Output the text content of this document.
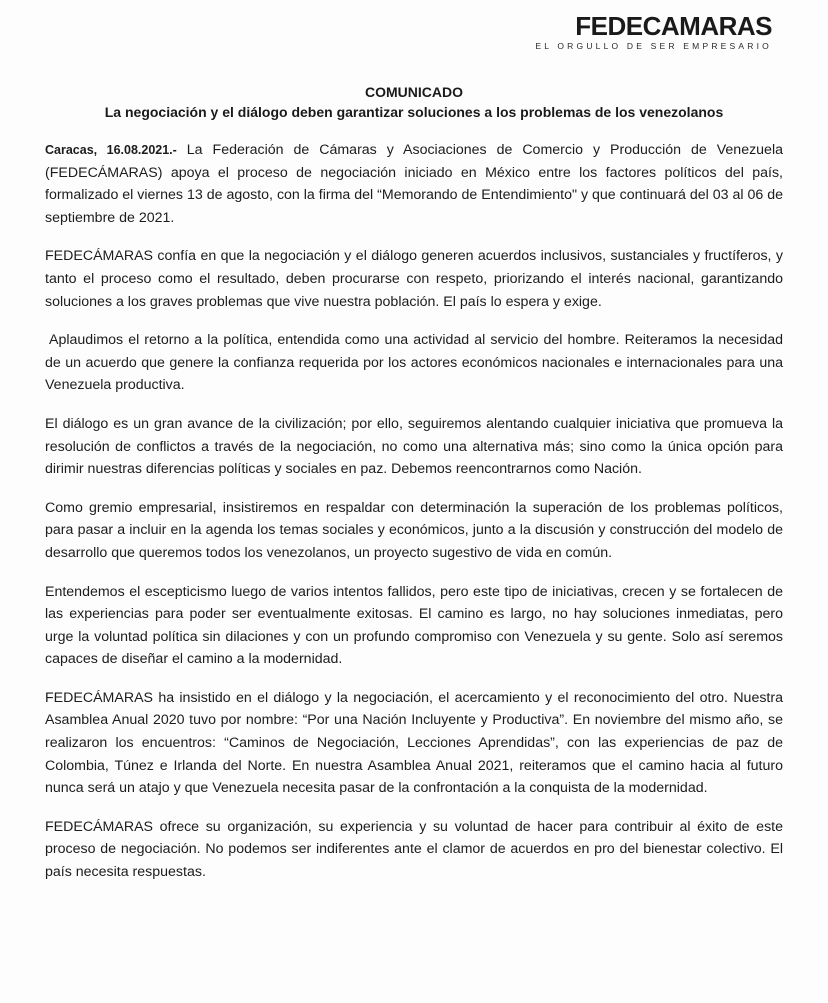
FEDECAMARAS
EL ORGULLO DE SER EMPRESARIO
COMUNICADO
La negociación y el diálogo deben garantizar soluciones a los problemas de los venezolanos

Caracas, 16.08.2021.- La Federación de Cámaras y Asociaciones de Comercio y Producción de Venezuela (FEDECÁMARAS) apoya el proceso de negociación iniciado en México entre los factores políticos del país, formalizado el viernes 13 de agosto, con la firma del “Memorando de Entendimiento" y que continuará del 03 al 06 de septiembre de 2021.

FEDECÁMARAS confía en que la negociación y el diálogo generen acuerdos inclusivos, sustanciales y fructíferos, y tanto el proceso como el resultado, deben procurarse con respeto, priorizando el interés nacional, garantizando soluciones a los graves problemas que vive nuestra población. El país lo espera y exige.

Aplaudimos el retorno a la política, entendida como una actividad al servicio del hombre. Reiteramos la necesidad de un acuerdo que genere la confianza requerida por los actores económicos nacionales e internacionales para una Venezuela productiva.

El diálogo es un gran avance de la civilización; por ello, seguiremos alentando cualquier iniciativa que promueva la resolución de conflictos a través de la negociación, no como una alternativa más; sino como la única opción para dirimir nuestras diferencias políticas y sociales en paz. Debemos reencontrarnos como Nación.

Como gremio empresarial, insistiremos en respaldar con determinación la superación de los problemas políticos, para pasar a incluir en la agenda los temas sociales y económicos, junto a la discusión y construcción del modelo de desarrollo que queremos todos los venezolanos, un proyecto sugestivo de vida en común.

Entendemos el escepticismo luego de varios intentos fallidos, pero este tipo de iniciativas, crecen y se fortalecen de las experiencias para poder ser eventualmente exitosas. El camino es largo, no hay soluciones inmediatas, pero urge la voluntad política sin dilaciones y con un profundo compromiso con Venezuela y su gente. Solo así seremos capaces de diseñar el camino a la modernidad.

FEDECÁMARAS ha insistido en el diálogo y la negociación, el acercamiento y el reconocimiento del otro. Nuestra Asamblea Anual 2020 tuvo por nombre: “Por una Nación Incluyente y Productiva”. En noviembre del mismo año, se realizaron los encuentros: “Caminos de Negociación, Lecciones Aprendidas”, con las experiencias de paz de Colombia, Túnez e Irlanda del Norte. En nuestra Asamblea Anual 2021, reiteramos que el camino hacia al futuro nunca será un atajo y que Venezuela necesita pasar de la confrontación a la conquista de la modernidad.

FEDECÁMARAS ofrece su organización, su experiencia y su voluntad de hacer para contribuir al éxito de este proceso de negociación. No podemos ser indiferentes ante el clamor de acuerdos en pro del bienestar colectivo. El país necesita respuestas.
